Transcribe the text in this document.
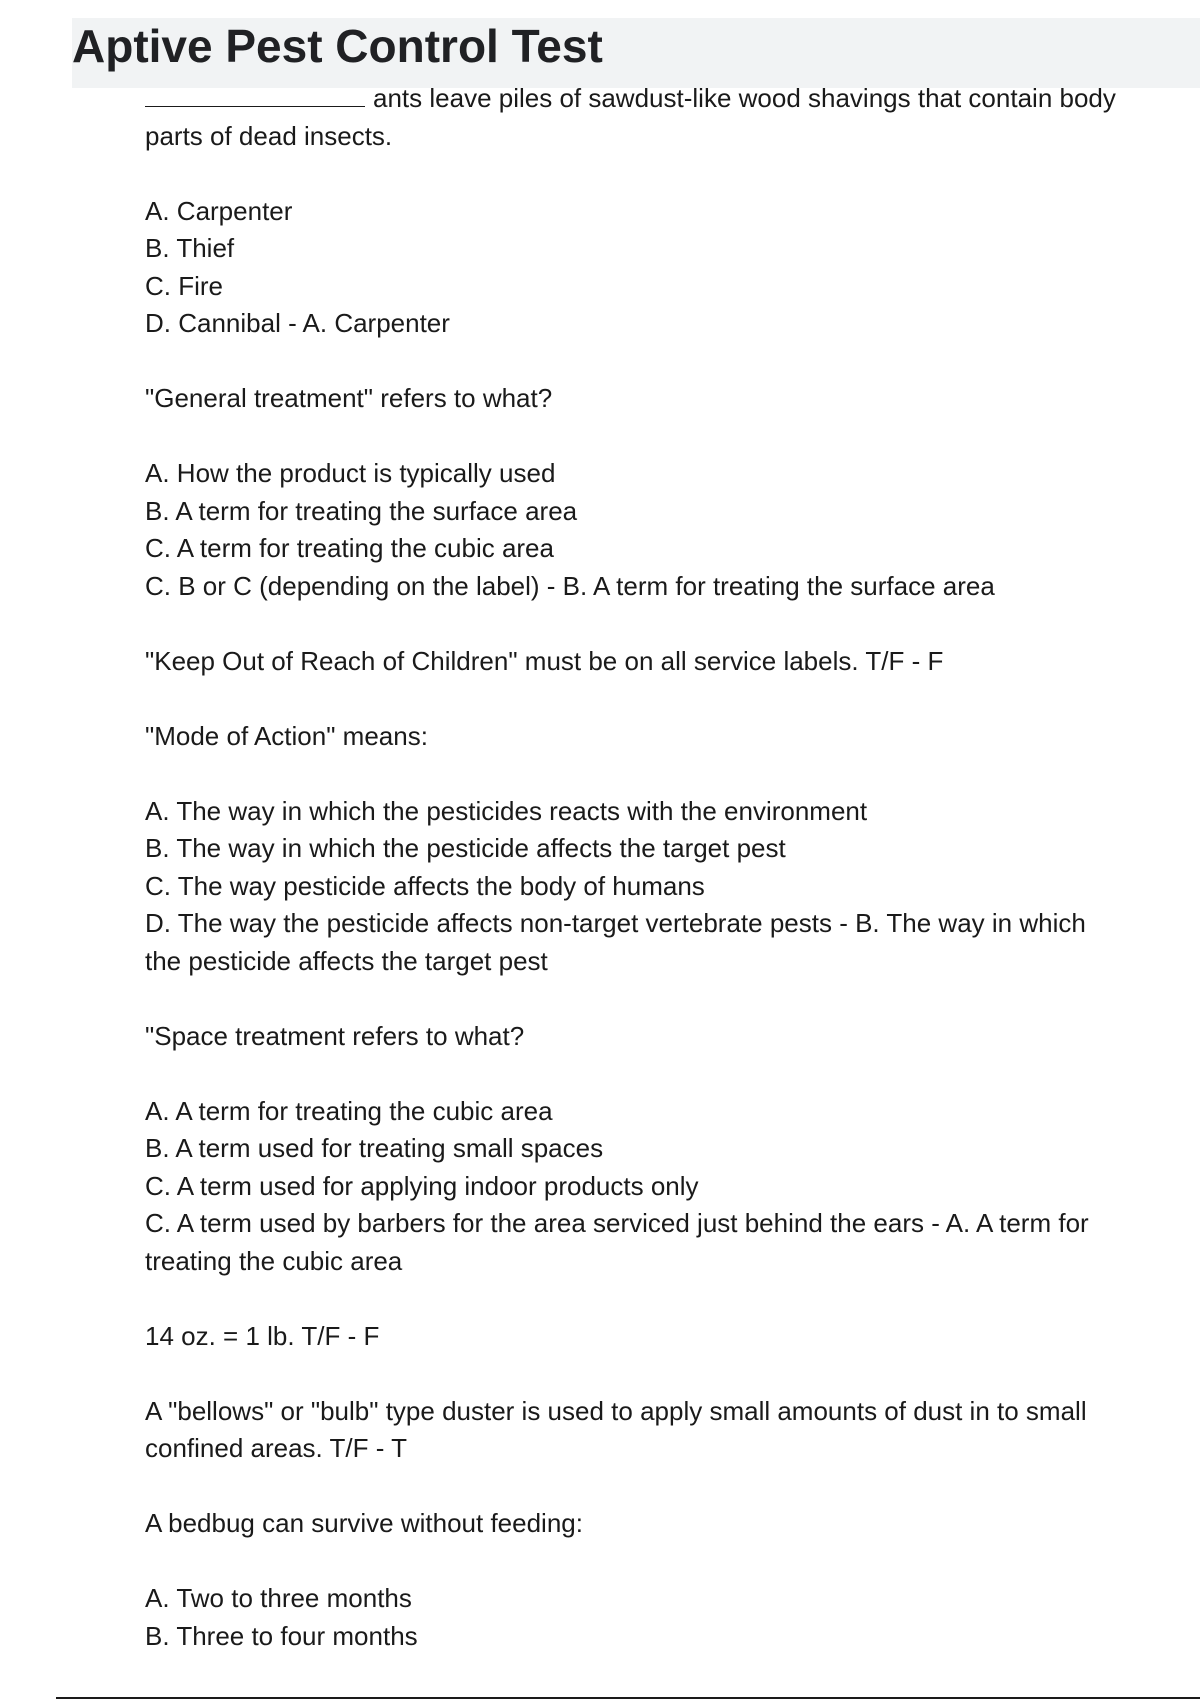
Aptive Pest Control Test

ants leave piles of sawdust-like wood shavings that contain body

parts of dead insects.

A. Carpenter

B. Thief

C. Fire

D. Cannibal - A. Carpenter

"General treatment" refers to what?

A. How the product is typically used

B. A term for treating the surface area

C. A term for treating the cubic area

C. B or C (depending on the label) - B. A term for treating the surface area

"Keep Out of Reach of Children" must be on all service labels. T/F - F

"Mode of Action" means:

A. The way in which the pesticides reacts with the environment

B. The way in which the pesticide affects the target pest

C. The way pesticide affects the body of humans

D. The way the pesticide affects non-target vertebrate pests - B. The way in which

the pesticide affects the target pest

"Space treatment refers to what?

A. A term for treating the cubic area

B. A term used for treating small spaces

C. A term used for applying indoor products only

C. A term used by barbers for the area serviced just behind the ears - A. A term for

treating the cubic area

14 oz. = 1 lb. T/F - F

A "bellows" or "bulb" type duster is used to apply small amounts of dust in to small

confined areas. T/F - T

A bedbug can survive without feeding:

A. Two to three months

B. Three to four months
